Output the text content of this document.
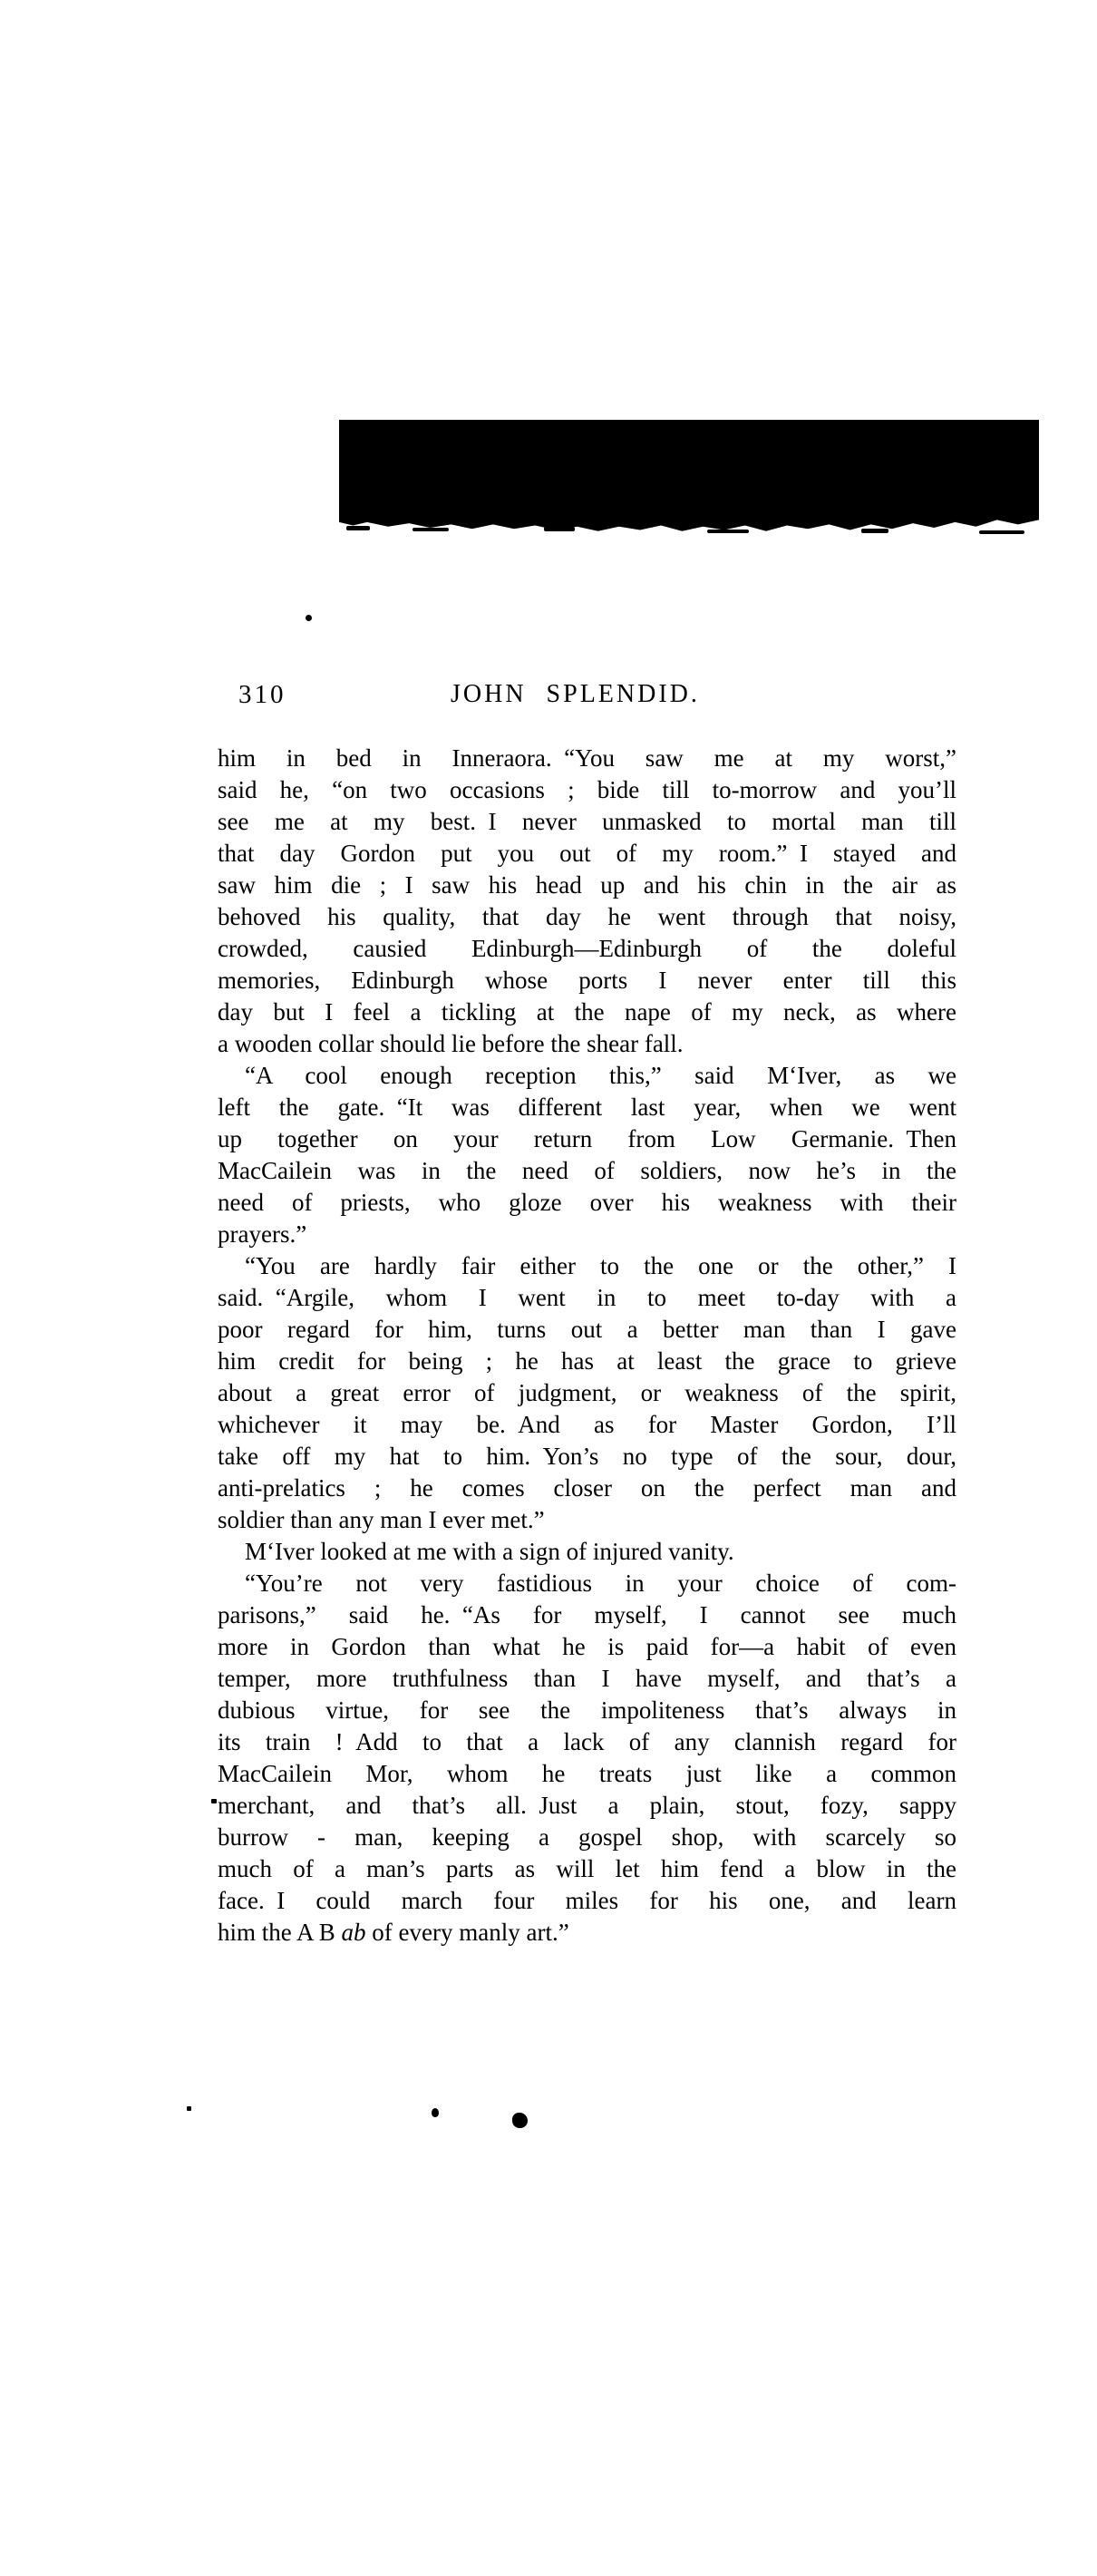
310	JOHN SPLENDID.
him in bed in Inneraora. “You saw me at my worst,”
said he, “on two occasions ; bide till to-morrow and you’ll
see me at my best. I never unmasked to mortal man till
that day Gordon put you out of my room.” I stayed and
saw him die ; I saw his head up and his chin in the air as
behoved his quality, that day he went through that noisy,
crowded, causied Edinburgh—Edinburgh of the doleful
memories, Edinburgh whose ports I never enter till this
day but I feel a tickling at the nape of my neck, as where
a wooden collar should lie before the shear fall.
“A cool enough reception this,” said M‘Iver, as we
left the gate. “It was different last year, when we went
up together on your return from Low Germanie. Then
MacCailein was in the need of soldiers, now he’s in the
need of priests, who gloze over his weakness with their
prayers.”
“You are hardly fair either to the one or the other,” I
said. “Argile, whom I went in to meet to-day with a
poor regard for him, turns out a better man than I gave
him credit for being ; he has at least the grace to grieve
about a great error of judgment, or weakness of the spirit,
whichever it may be. And as for Master Gordon, I’ll
take off my hat to him. Yon’s no type of the sour, dour,
anti-prelatics ; he comes closer on the perfect man and
soldier than any man I ever met.”
M‘Iver looked at me with a sign of injured vanity.
“You’re not very fastidious in your choice of com-
parisons,” said he. “As for myself, I cannot see much
more in Gordon than what he is paid for—a habit of even
temper, more truthfulness than I have myself, and that’s a
dubious virtue, for see the impoliteness that’s always in
its train ! Add to that a lack of any clannish regard for
MacCailein Mor, whom he treats just like a common
merchant, and that’s all. Just a plain, stout, fozy, sappy
burrow - man, keeping a gospel shop, with scarcely so
much of a man’s parts as will let him fend a blow in the
face. I could march four miles for his one, and learn
him the A B ab of every manly art.”
